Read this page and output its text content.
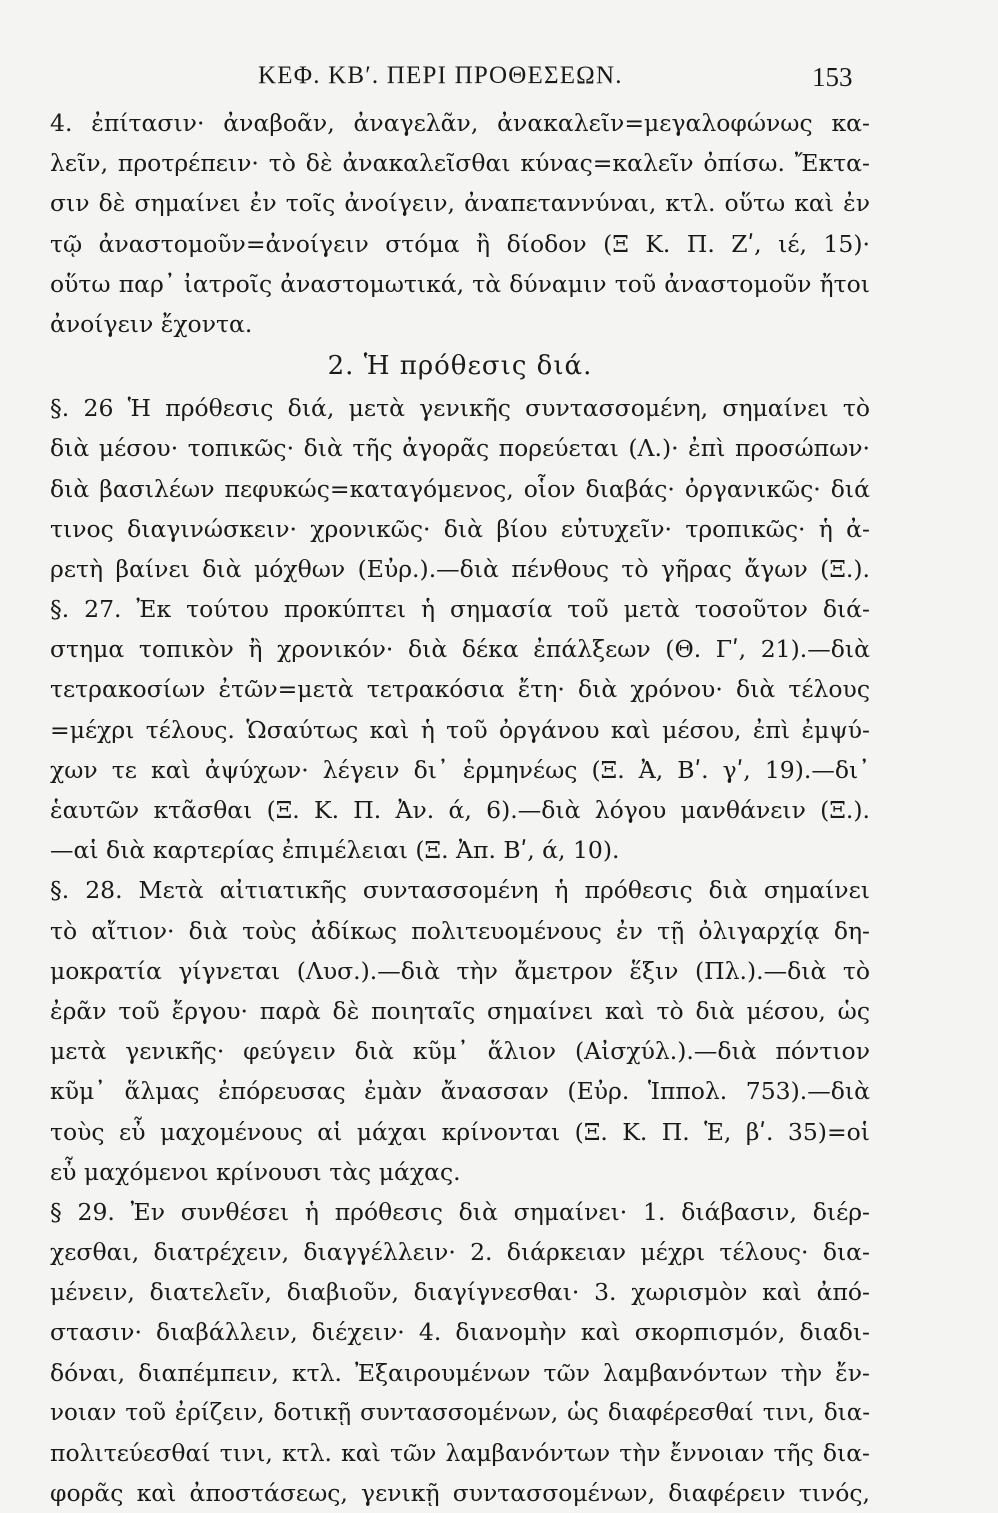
ΚΕΦ. ΚΒʹ. ΠΕΡΙ ΠΡΟΘΕΣΕΩΝ.	153
4. ἐπίτασιν· ἀναβοᾶν, ἀναγελᾶν, ἀνακαλεῖν=μεγαλοφώνως κα-
λεῖν, προτρέπειν· τὸ δὲ ἀνακαλεῖσθαι κύνας=καλεῖν ὀπίσω. Ἔκτα-
σιν δὲ σημαίνει ἐν τοῖς ἀνοίγειν, ἀναπεταννύναι, κτλ. οὕτω καὶ ἐν
τῷ ἀναστομοῦν=ἀνοίγειν στόμα ἢ δίοδον (Ξ Κ. Π. Ζʹ, ιέ, 15)·
οὕτω παρ᾽ ἰατροῖς ἀναστομωτικά, τὰ δύναμιν τοῦ ἀναστομοῦν ἤτοι
ἀνοίγειν ἔχοντα.
2. Ἡ πρόθεσις διά.
§. 26 Ἡ πρόθεσις διά, μετὰ γενικῆς συντασσομένη, σημαίνει τὸ
διὰ μέσου· τοπικῶς· διὰ τῆς ἀγορᾶς πορεύεται (Λ.)· ἐπὶ προσώπων·
διὰ βασιλέων πεφυκώς=καταγόμενος, οἷον διαβάς· ὀργανικῶς· διά
τινος διαγινώσκειν· χρονικῶς· διὰ βίου εὐτυχεῖν· τροπικῶς· ἡ ἀ-
ρετὴ βαίνει διὰ μόχθων (Εὐρ.).—διὰ πένθους τὸ γῆρας ἄγων (Ξ.).
§. 27. Ἐκ τούτου προκύπτει ἡ σημασία τοῦ μετὰ τοσοῦτον διά-
στημα τοπικὸν ἢ χρονικόν· διὰ δέκα ἐπάλξεων (Θ. Γʹ, 21).—διὰ
τετρακοσίων ἐτῶν=μετὰ τετρακόσια ἔτη· διὰ χρόνου· διὰ τέλους
=μέχρι τέλους. Ὡσαύτως καὶ ἡ τοῦ ὀργάνου καὶ μέσου, ἐπὶ ἐμψύ-
χων τε καὶ ἀψύχων· λέγειν δι᾽ ἑρμηνέως (Ξ. Ἀ, Βʹ. γʹ, 19).—δι᾽
ἑαυτῶν κτᾶσθαι (Ξ. Κ. Π. Ἀν. ά, 6).—διὰ λόγου μανθάνειν (Ξ.).
—αἱ διὰ καρτερίας ἐπιμέλειαι (Ξ. Ἀπ. Βʹ, ά, 10).
§. 28. Μετὰ αἰτιατικῆς συντασσομένη ἡ πρόθεσις διὰ σημαίνει
τὸ αἴτιον· διὰ τοὺς ἀδίκως πολιτευομένους ἐν τῇ ὀλιγαρχίᾳ δη-
μοκρατία γίγνεται (Λυσ.).—διὰ τὴν ἄμετρον ἕξιν (Πλ.).—διὰ τὸ
ἐρᾶν τοῦ ἔργου· παρὰ δὲ ποιηταῖς σημαίνει καὶ τὸ διὰ μέσου, ὡς
μετὰ γενικῆς· φεύγειν διὰ κῦμ᾽ ἅλιον (Αἰσχύλ.).—διὰ πόντιον
κῦμ᾽ ἅλμας ἐπόρευσας ἐμὰν ἄνασσαν (Εὐρ. Ἱππολ. 753).—διὰ
τοὺς εὖ μαχομένους αἱ μάχαι κρίνονται (Ξ. Κ. Π. Ἑ, βʹ. 35)=οἱ
εὖ μαχόμενοι κρίνουσι τὰς μάχας.
§ 29. Ἐν συνθέσει ἡ πρόθεσις διὰ σημαίνει· 1. διάβασιν, διέρ-
χεσθαι, διατρέχειν, διαγγέλλειν· 2. διάρκειαν μέχρι τέλους· δια-
μένειν, διατελεῖν, διαβιοῦν, διαγίγνεσθαι· 3. χωρισμὸν καὶ ἀπό-
στασιν· διαβάλλειν, διέχειν· 4. διανομὴν καὶ σκορπισμόν, διαδι-
δόναι, διαπέμπειν, κτλ. Ἐξαιρουμένων τῶν λαμβανόντων τὴν ἔν-
νοιαν τοῦ ἐρίζειν, δοτικῇ συντασσομένων, ὡς διαφέρεσθαί τινι, δια-
πολιτεύεσθαί τινι, κτλ. καὶ τῶν λαμβανόντων τὴν ἔννοιαν τῆς δια-
φορᾶς καὶ ἀποστάσεως, γενικῇ συντασσομένων, διαφέρειν τινός,
